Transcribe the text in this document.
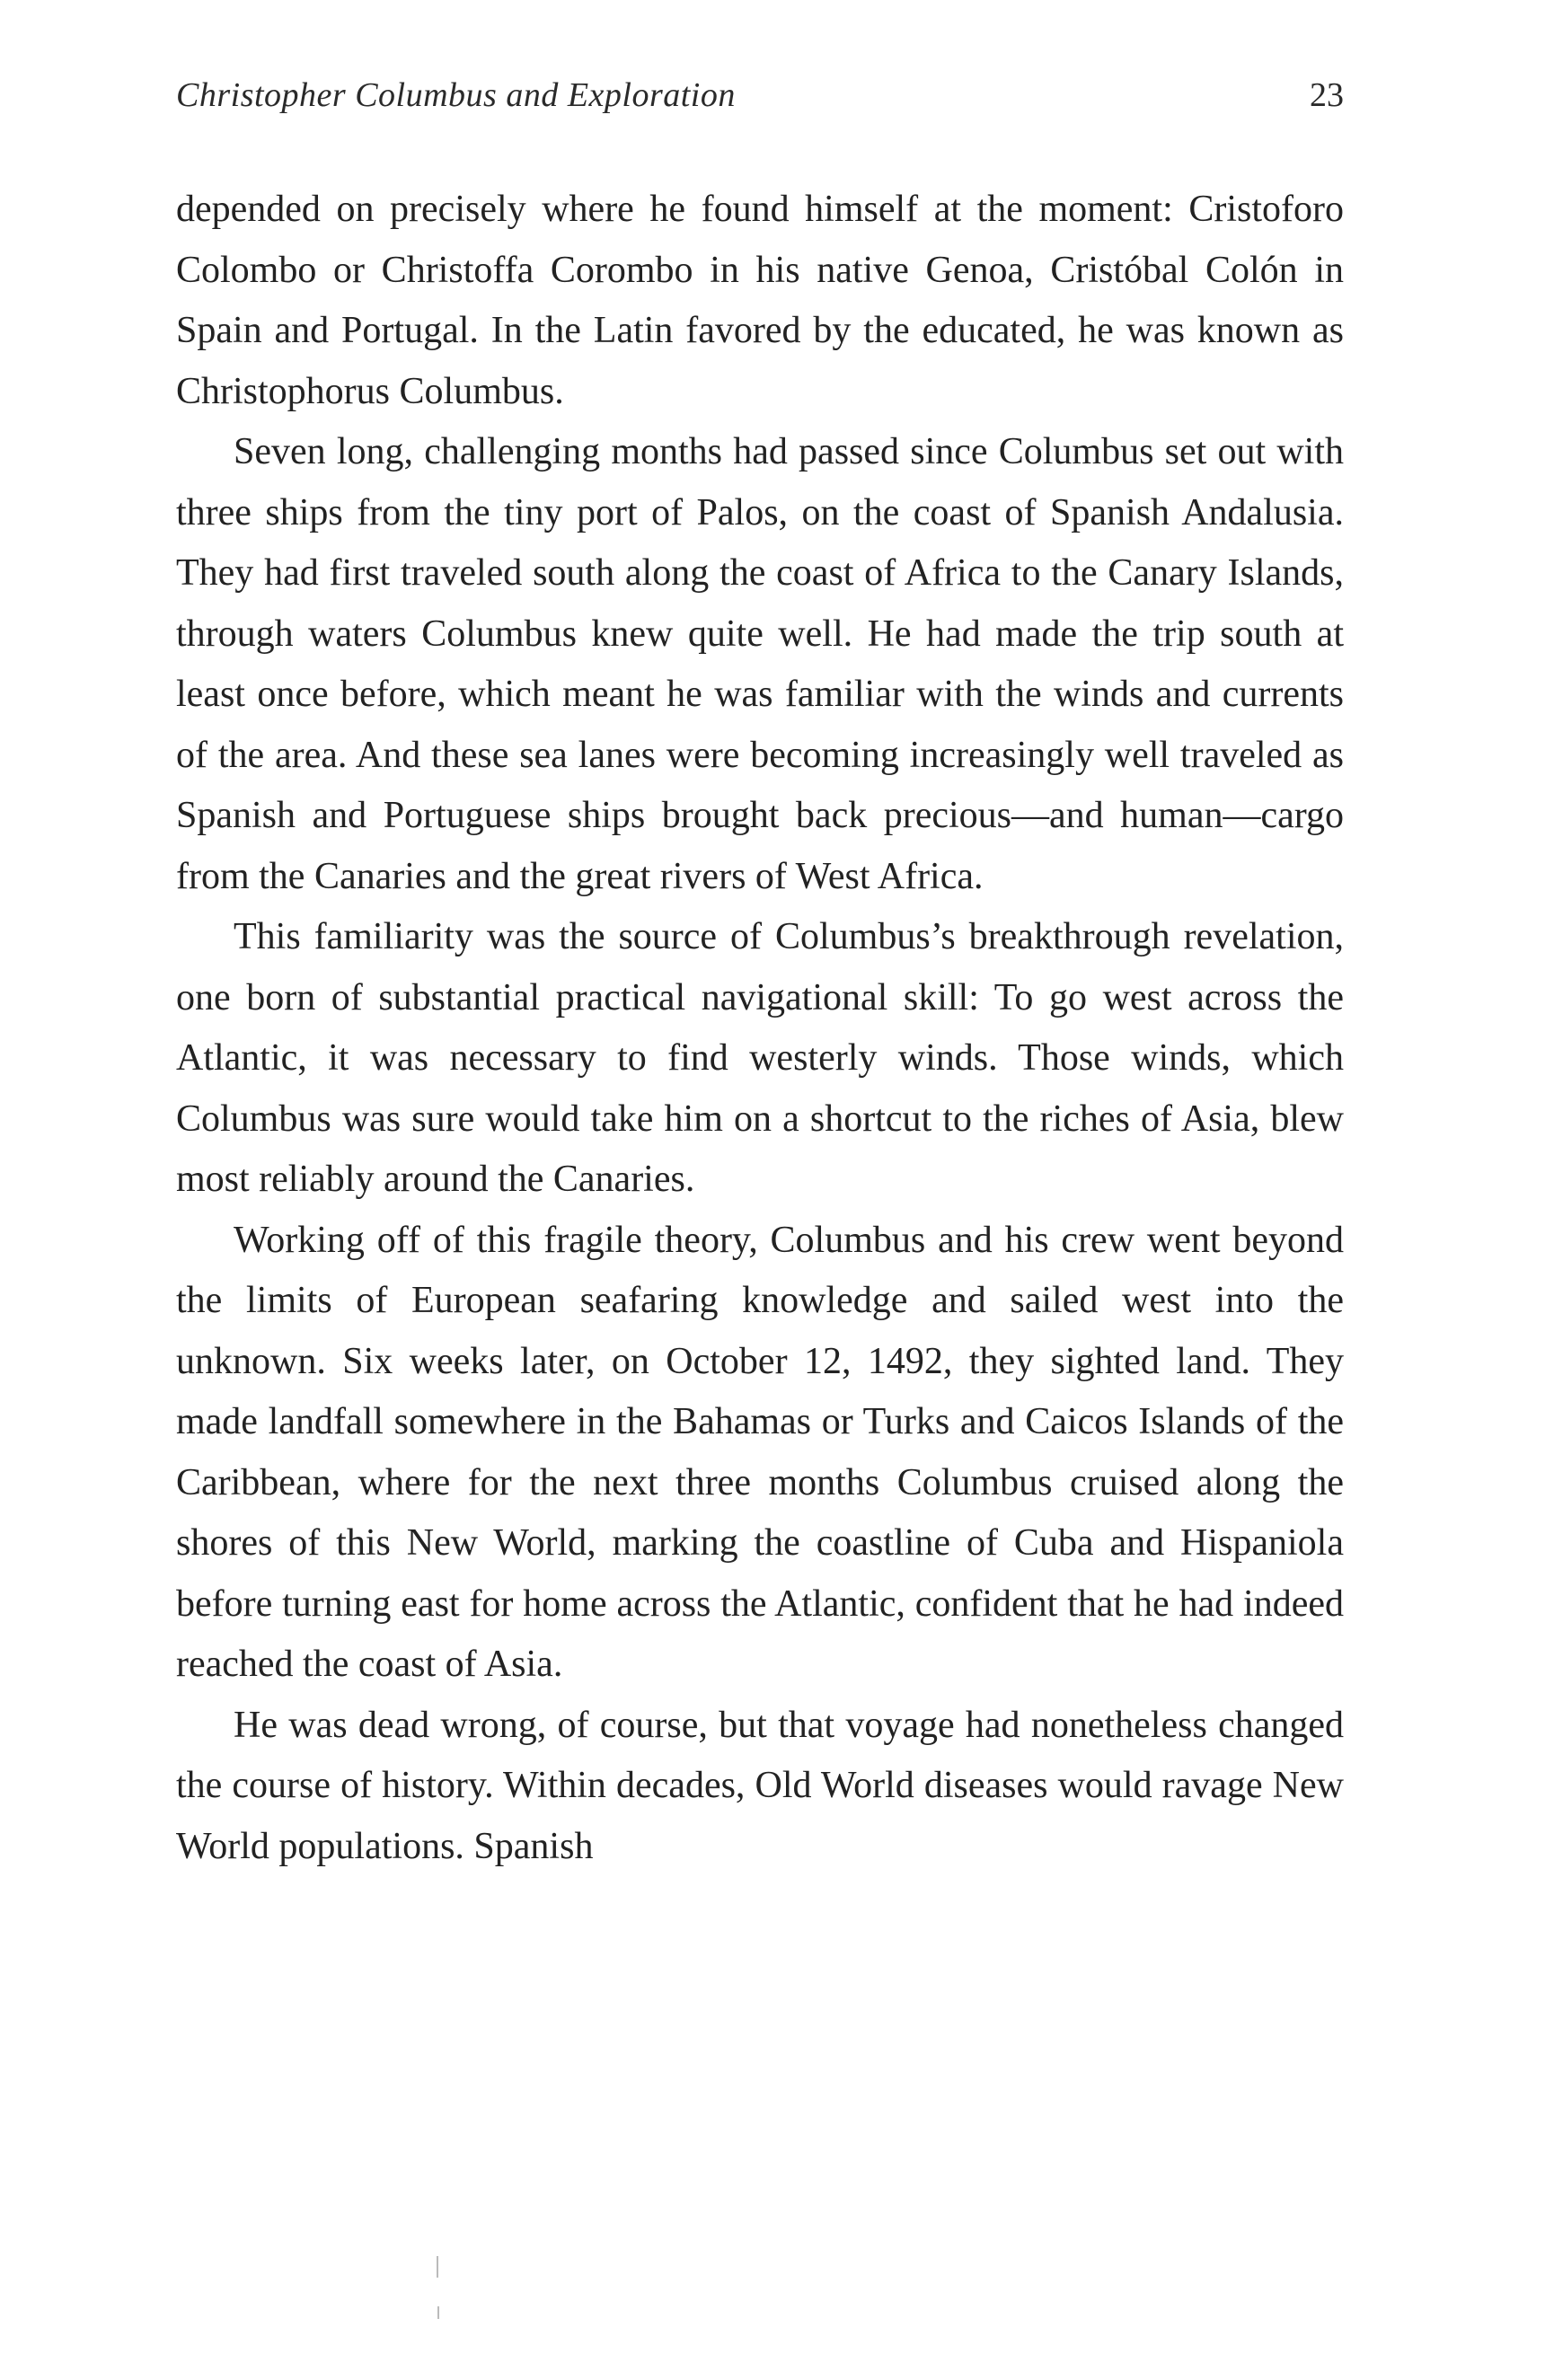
Christopher Columbus and Exploration	23

depended on precisely where he found himself at the moment: Cristoforo Colombo or Christoffa Corombo in his native Genoa, Cristóbal Colón in Spain and Portugal. In the Latin favored by the educated, he was known as Christophorus Columbus.

Seven long, challenging months had passed since Columbus set out with three ships from the tiny port of Palos, on the coast of Spanish Andalusia. They had first traveled south along the coast of Africa to the Canary Islands, through waters Columbus knew quite well. He had made the trip south at least once before, which meant he was familiar with the winds and currents of the area. And these sea lanes were becoming increasingly well traveled as Spanish and Portuguese ships brought back precious—and human—cargo from the Canaries and the great rivers of West Africa.

This familiarity was the source of Columbus’s breakthrough revelation, one born of substantial practical navigational skill: To go west across the Atlantic, it was necessary to find westerly winds. Those winds, which Columbus was sure would take him on a shortcut to the riches of Asia, blew most reliably around the Canaries.

Working off of this fragile theory, Columbus and his crew went beyond the limits of European seafaring knowledge and sailed west into the unknown. Six weeks later, on October 12, 1492, they sighted land. They made landfall somewhere in the Bahamas or Turks and Caicos Islands of the Caribbean, where for the next three months Columbus cruised along the shores of this New World, marking the coastline of Cuba and Hispaniola before turning east for home across the Atlantic, confident that he had indeed reached the coast of Asia.

He was dead wrong, of course, but that voyage had nonetheless changed the course of history. Within decades, Old World diseases would ravage New World populations. Spanish
